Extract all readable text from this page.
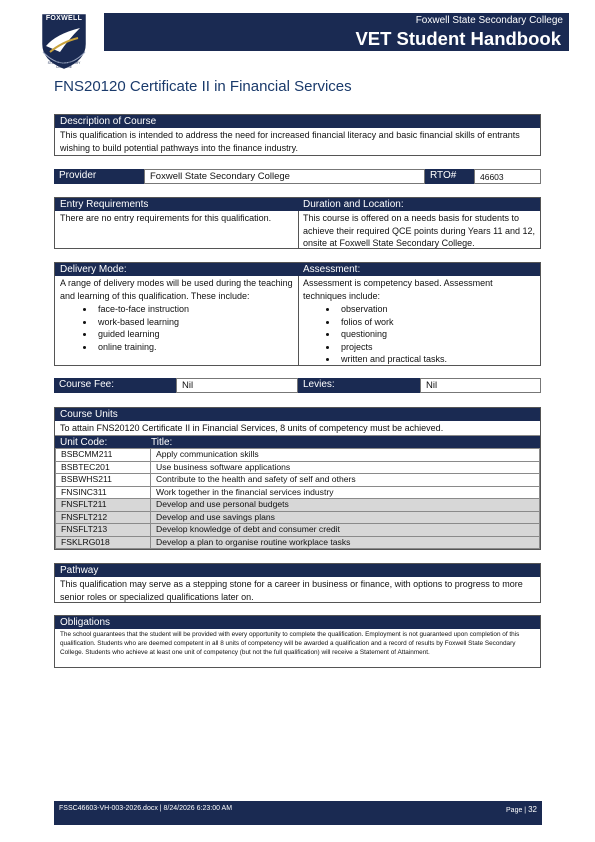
FOXWELL
STATE SECONDARY COLLEGE
Foxwell State Secondary College
VET Student Handbook
FNS20120 Certificate II in Financial Services
Description of Course
This qualification is intended to address the need for increased financial literacy and basic financial skills of entrants wishing to build potential pathways into the finance industry.
Provider	Foxwell State Secondary College	RTO#	46603
Entry Requirements
There are no entry requirements for this qualification.
Duration and Location:
This course is offered on a needs basis for students to achieve their required QCE points during Years 11 and 12, onsite at Foxwell State Secondary College.
Delivery Mode:
A range of delivery modes will be used during the teaching and learning of this qualification. These include:
• face-to-face instruction
• work-based learning
• guided learning
• online training.
Assessment:
Assessment is competency based. Assessment techniques include:
• observation
• folios of work
• questioning
• projects
• written and practical tasks.
Course Fee:	Nil	Levies:	Nil
Course Units
To attain FNS20120 Certificate II in Financial Services, 8 units of competency must be achieved.
Unit Code:	Title:
BSBCMM211	Apply communication skills
BSBTEC201	Use business software applications
BSBWHS211	Contribute to the health and safety of self and others
FNSINC311	Work together in the financial services industry
FNSFLT211	Develop and use personal budgets
FNSFLT212	Develop and use savings plans
FNSFLT213	Develop knowledge of debt and consumer credit
FSKLRG018	Develop a plan to organise routine workplace tasks
Pathway
This qualification may serve as a stepping stone for a career in business or finance, with options to progress to more senior roles or specialized qualifications later on.
Obligations
The school guarantees that the student will be provided with every opportunity to complete the qualification. Employment is not guaranteed upon completion of this qualification. Students who are deemed competent in all 8 units of competency will be awarded a qualification and a record of results by Foxwell State Secondary College. Students who achieve at least one unit of competency (but not the full qualification) will receive a Statement of Attainment.
FSSC46603-VH-003-2026.docx | 8/24/2026 6:23:00 AM	Page | 32
